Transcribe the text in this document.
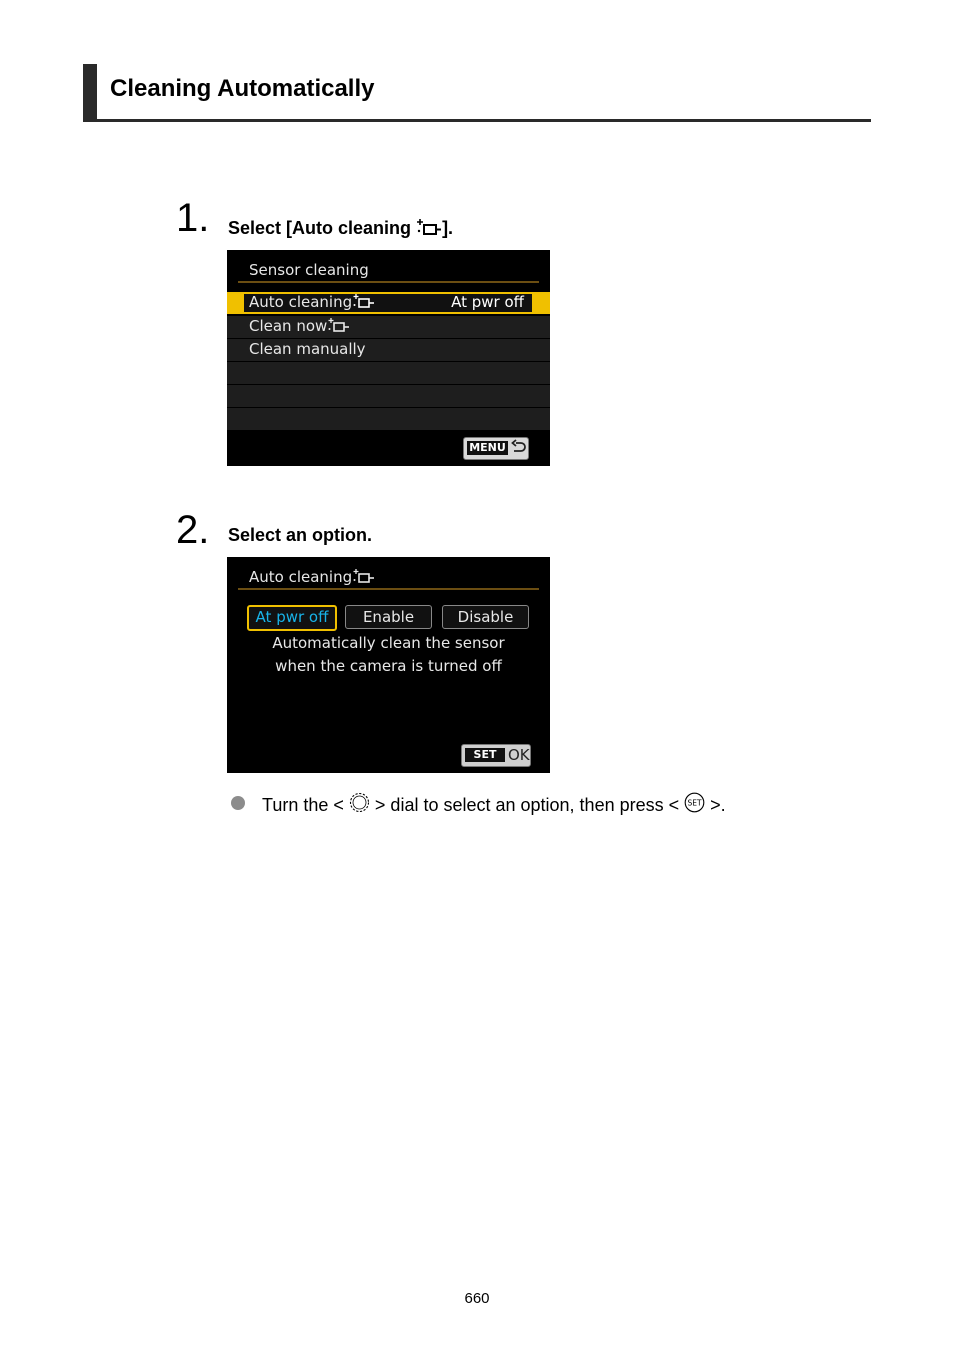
Cleaning Automatically
1. Select [Auto cleaning ].
Sensor cleaning
Auto cleaning	At pwr off
Clean now
Clean manually
MENU
2. Select an option.
Auto cleaning
At pwr off	Enable	Disable
Automatically clean the sensor
when the camera is turned off
SET OK
Turn the < > dial to select an option, then press < SET >.
660
